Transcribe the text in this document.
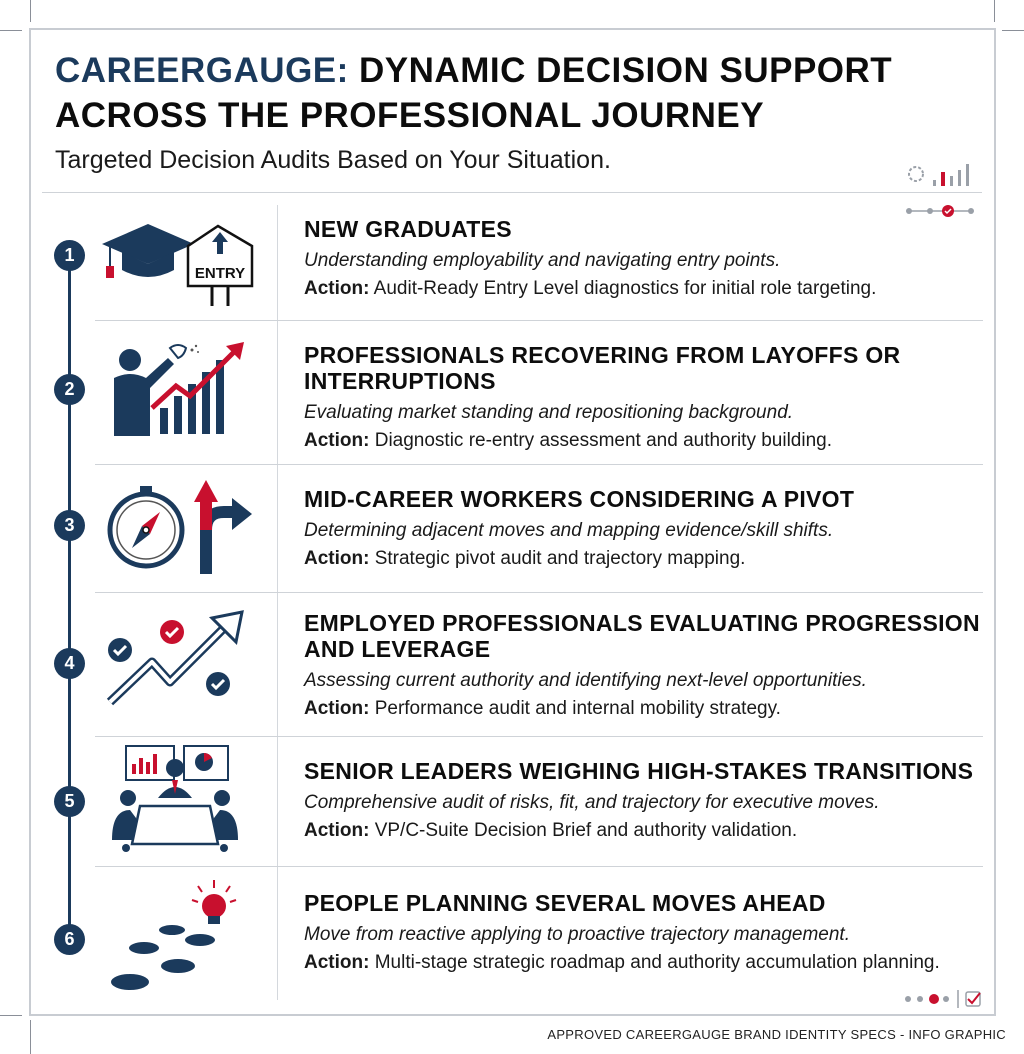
CAREERGAUGE: DYNAMIC DECISION SUPPORT ACROSS THE PROFESSIONAL JOURNEY
Targeted Decision Audits Based on Your Situation.
1
ENTRY
NEW GRADUATES
Understanding employability and navigating entry points.
Action: Audit-Ready Entry Level diagnostics for initial role targeting.
2
PROFESSIONALS RECOVERING FROM LAYOFFS OR INTERRUPTIONS
Evaluating market standing and repositioning background.
Action: Diagnostic re-entry assessment and authority building.
3
MID-CAREER WORKERS CONSIDERING A PIVOT
Determining adjacent moves and mapping evidence/skill shifts.
Action: Strategic pivot audit and trajectory mapping.
4
EMPLOYED PROFESSIONALS EVALUATING PROGRESSION AND LEVERAGE
Assessing current authority and identifying next-level opportunities.
Action: Performance audit and internal mobility strategy.
5
SENIOR LEADERS WEIGHING HIGH-STAKES TRANSITIONS
Comprehensive audit of risks, fit, and trajectory for executive moves.
Action: VP/C-Suite Decision Brief and authority validation.
6
PEOPLE PLANNING SEVERAL MOVES AHEAD
Move from reactive applying to proactive trajectory management.
Action: Multi-stage strategic roadmap and authority accumulation planning.
APPROVED CAREERGAUGE BRAND IDENTITY SPECS - INFO GRAPHIC
